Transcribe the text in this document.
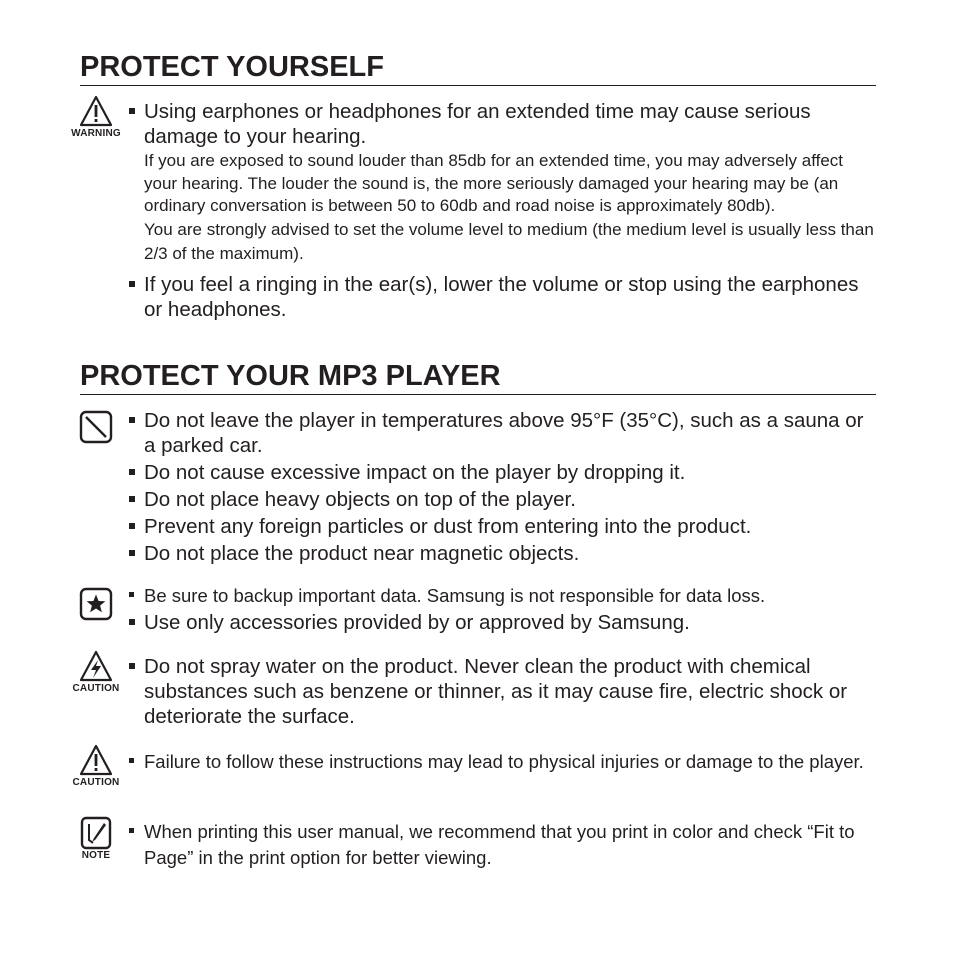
PROTECT YOURSELF
WARNING
Using earphones or headphones for an extended time may cause serious
damage to your hearing.
If you are exposed to sound louder than 85db for an extended time, you may adversely affect your hearing. The louder the sound is, the more seriously damaged your hearing may be (an ordinary conversation is between 50 to 60db and road noise is approximately 80db).
You are strongly advised to set the volume level to medium (the medium level is usually less than 2/3 of the maximum).
If you feel a ringing in the ear(s), lower the volume or stop using the earphones or headphones.
PROTECT YOUR MP3 PLAYER
Do not leave the player in temperatures above 95°F (35°C), such as a sauna or a parked car.
Do not cause excessive impact on the player by dropping it.
Do not place heavy objects on top of the player.
Prevent any foreign particles or dust from entering into the product.
Do not place the product near magnetic objects.
Be sure to backup important data. Samsung is not responsible for data loss.
Use only accessories provided by or approved by Samsung.
CAUTION
Do not spray water on the product. Never clean the product with chemical substances such as benzene or thinner, as it may cause fire, electric shock or deteriorate the surface.
CAUTION
Failure to follow these instructions may lead to physical injuries or damage to the player.
NOTE
When printing this user manual, we recommend that you print in color and check “Fit to Page” in the print option for better viewing.
